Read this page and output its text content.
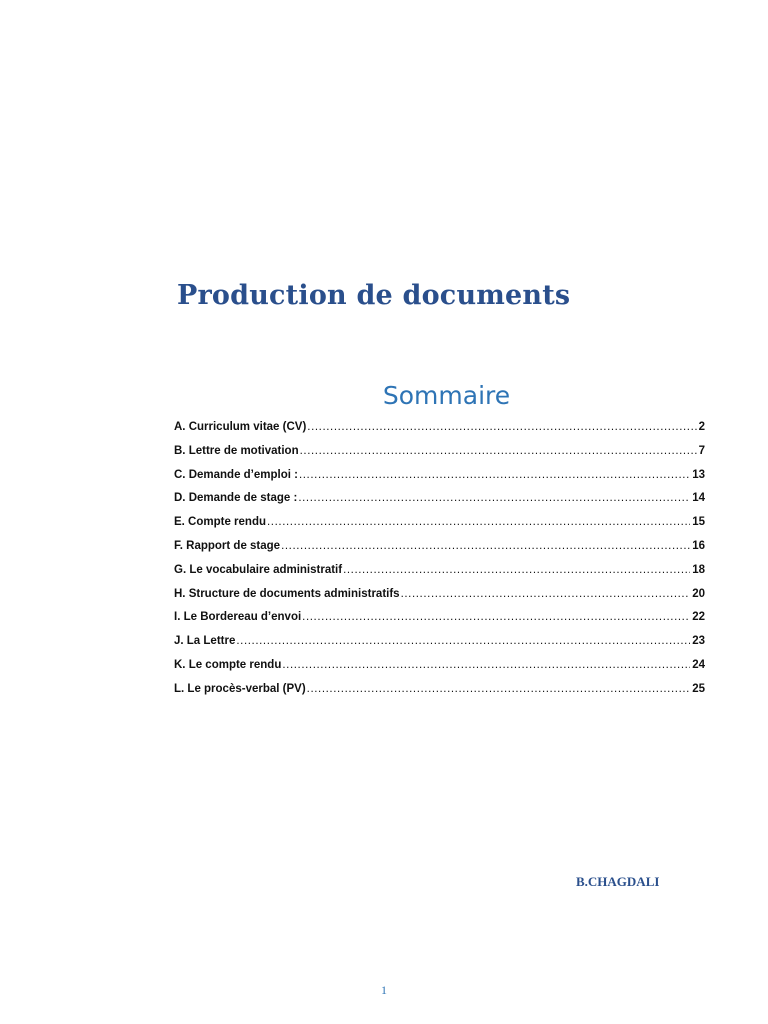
Production de documents
Sommaire
A. Curriculum vitae (CV) .....	2
B. Lettre de motivation .....	7
C. Demande d’emploi : .....	13
D. Demande de stage : .....	14
E. Compte rendu .....	15
F. Rapport de stage .....	16
G. Le vocabulaire administratif .....	18
H. Structure de documents administratifs .....	20
I. Le Bordereau d’envoi .....	22
J. La Lettre .....	23
K. Le compte rendu .....	24
L. Le procès-verbal (PV) .....	25

B.CHAGDALI

1
